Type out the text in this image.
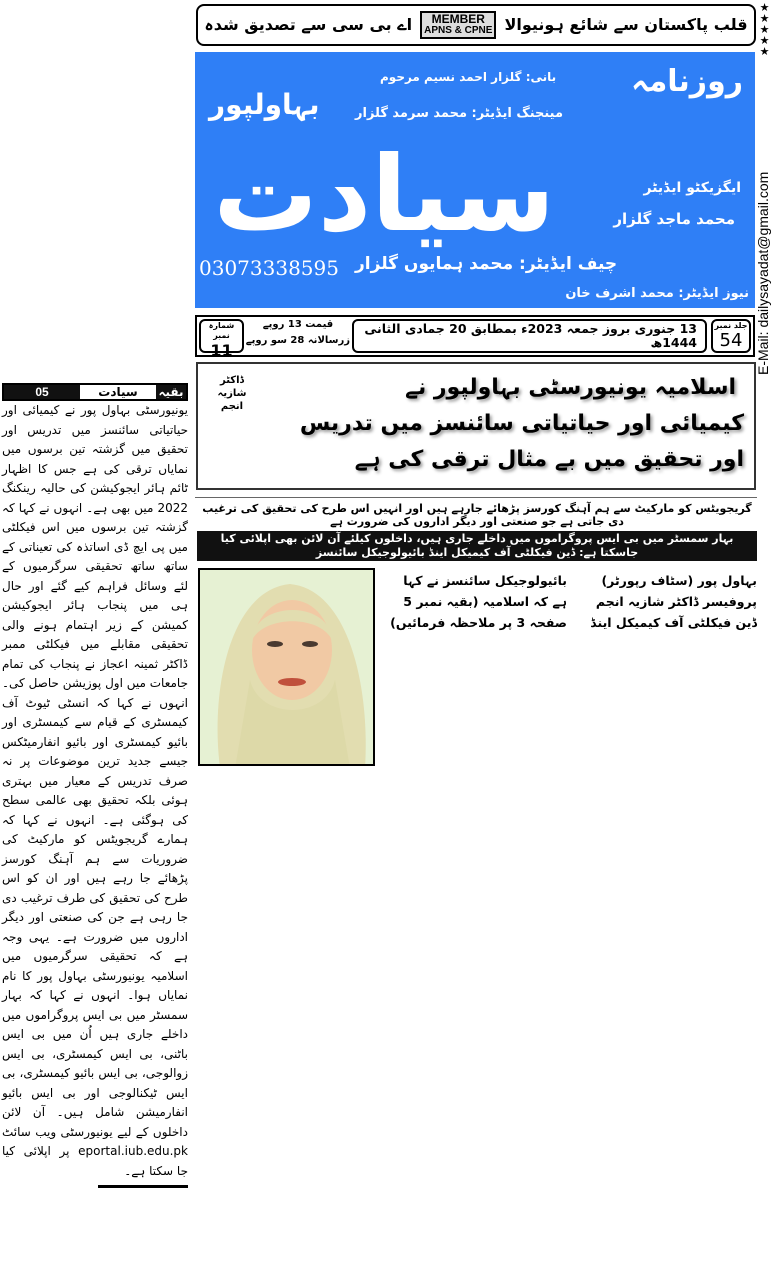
قلب پاکستان سے شائع ہونیوالا
MEMBER
APNS & CPNE
اے بی سی سے تصدیق شدہ
★★★★★
E-Mail: dailysayadat@gmail.com
روزنامہ
بہاولپور
بانی: گلزار احمد نسیم مرحوم
مینجنگ ایڈیٹر: محمد سرمد گلزار
سیادت	ایگزیکٹو ایڈیٹر
محمد ماجد گلزار
03073338595 چیف ایڈیٹر: محمد ہمایوں گلزار
نیوز ایڈیٹر: محمد اشرف خان
جلد نمبر
54
13 جنوری بروز جمعہ 2023ء بمطابق 20 جمادی الثانی 1444ھ
قیمت 13 روپے
زرسالانہ 28 سو روپے
شمارہ نمبر
11
ڈاکٹر شازیہ انجم
اسلامیہ یونیورسٹی بہاولپور نے
کیمیائی اور حیاتیاتی سائنسز میں تدریس اور تحقیق میں بے مثال ترقی کی ہے
گریجویٹس کو مارکیٹ سے ہم آہنگ کورسز پڑھائے جارہے ہیں اور انہیں اس طرح کی تحقیق کی ترغیب دی جاتی ہے جو صنعتی اور دیگر اداروں کی ضرورت ہے
بہار سمسٹر میں بی ایس پروگراموں میں داخلے جاری ہیں، داخلوں کیلئے آن لائن بھی اپلائی کیا جاسکتا ہے: ڈین فیکلٹی آف کیمیکل اینڈ بائیولوجیکل سائنسز
بہاول پور (سٹاف رپورٹر) پروفیسر ڈاکٹر شازیہ انجم ڈین فیکلٹی آف کیمیکل اینڈ
بائیولوجیکل سائنسز نے کہا ہے کہ اسلامیہ (بقیہ نمبر 5 صفحہ 3 پر ملاحظہ فرمائیں)
بقیہ
سیادت
05
یونیورسٹی بہاول پور نے کیمیائی اور حیاتیاتی سائنسز میں تدریس اور تحقیق میں گزشتہ تین برسوں میں نمایاں ترقی کی ہے جس کا اظہار ٹائم ہائر ایجوکیشن کی حالیہ رینکنگ 2022 میں بھی ہے۔ انہوں نے کہا کہ گزشتہ تین برسوں میں اس فیکلٹی میں پی ایچ ڈی اساتذہ کی تعیناتی کے ساتھ ساتھ تحقیقی سرگرمیوں کے لئے وسائل فراہم کیے گئے اور حال ہی میں پنجاب ہائر ایجوکیشن کمیشن کے زیر اہتمام ہونے والی تحقیقی مقابلے میں فیکلٹی ممبر ڈاکٹر ثمینہ اعجاز نے پنجاب کی تمام جامعات میں اول پوزیشن حاصل کی۔ انہوں نے کہا کہ انسٹی ٹیوٹ آف کیمسٹری کے قیام سے کیمسٹری اور بائیو کیمسٹری اور بائیو انفارمیٹکس جیسے جدید ترین موضوعات پر نہ صرف تدریس کے معیار میں بہتری ہوئی بلکہ تحقیق بھی عالمی سطح کی ہوگئی ہے۔ انہوں نے کہا کہ ہمارے گریجویٹس کو مارکیٹ کی ضروریات سے ہم آہنگ کورسز پڑھائے جا رہے ہیں اور ان کو اس طرح کی تحقیق کی طرف ترغیب دی جا رہی ہے جن کی صنعتی اور دیگر اداروں میں ضرورت ہے۔ یہی وجہ ہے کہ تحقیقی سرگرمیوں میں اسلامیہ یونیورسٹی بہاول پور کا نام نمایاں ہوا۔ انہوں نے کہا کہ بہار سمسٹر میں بی ایس پروگراموں میں داخلے جاری ہیں اُن میں بی ایس باٹنی، بی ایس کیمسٹری، بی ایس زوالوجی، بی ایس بائیو کیمسٹری، بی ایس ٹیکنالوجی اور بی ایس بائیو انفارمیشن شامل ہیں۔ آن لائن داخلوں کے لیے یونیورسٹی ویب سائٹ eportal.iub.edu.pk پر اپلائی کیا جا سکتا ہے۔
